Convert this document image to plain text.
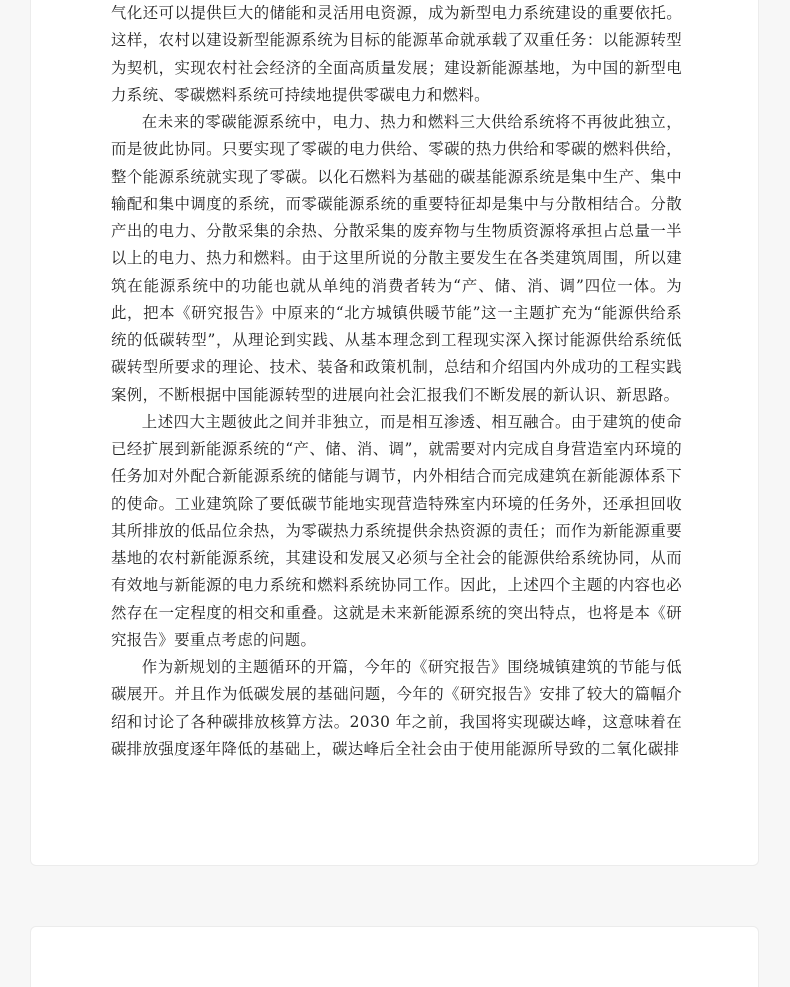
气化还可以提供巨大的储能和灵活用电资源，成为新型电力系统建设的重要依托。这样，农村以建设新型能源系统为目标的能源革命就承载了双重任务：以能源转型为契机，实现农村社会经济的全面高质量发展；建设新能源基地，为中国的新型电力系统、零碳燃料系统可持续地提供零碳电力和燃料。

在未来的零碳能源系统中，电力、热力和燃料三大供给系统将不再彼此独立，而是彼此协同。只要实现了零碳的电力供给、零碳的热力供给和零碳的燃料供给，整个能源系统就实现了零碳。以化石燃料为基础的碳基能源系统是集中生产、集中输配和集中调度的系统，而零碳能源系统的重要特征却是集中与分散相结合。分散产出的电力、分散采集的余热、分散采集的废弃物与生物质资源将承担占总量一半以上的电力、热力和燃料。由于这里所说的分散主要发生在各类建筑周围，所以建筑在能源系统中的功能也就从单纯的消费者转为“产、储、消、调”四位一体。为此，把本《研究报告》中原来的“北方城镇供暖节能”这一主题扩充为“能源供给系统的低碳转型”，从理论到实践、从基本理念到工程现实深入探讨能源供给系统低碳转型所要求的理论、技术、装备和政策机制，总结和介绍国内外成功的工程实践案例，不断根据中国能源转型的进展向社会汇报我们不断发展的新认识、新思路。

上述四大主题彼此之间并非独立，而是相互渗透、相互融合。由于建筑的使命已经扩展到新能源系统的“产、储、消、调”，就需要对内完成自身营造室内环境的任务加对外配合新能源系统的储能与调节，内外相结合而完成建筑在新能源体系下的使命。工业建筑除了要低碳节能地实现营造特殊室内环境的任务外，还承担回收其所排放的低品位余热，为零碳热力系统提供余热资源的责任；而作为新能源重要基地的农村新能源系统，其建设和发展又必须与全社会的能源供给系统协同，从而有效地与新能源的电力系统和燃料系统协同工作。因此，上述四个主题的内容也必然存在一定程度的相交和重叠。这就是未来新能源系统的突出特点，也将是本《研究报告》要重点考虑的问题。

作为新规划的主题循环的开篇，今年的《研究报告》围绕城镇建筑的节能与低碳展开。并且作为低碳发展的基础问题，今年的《研究报告》安排了较大的篇幅介绍和讨论了各种碳排放核算方法。2030 年之前，我国将实现碳达峰，这意味着在碳排放强度逐年降低的基础上，碳达峰后全社会由于使用能源所导致的二氧化碳排
